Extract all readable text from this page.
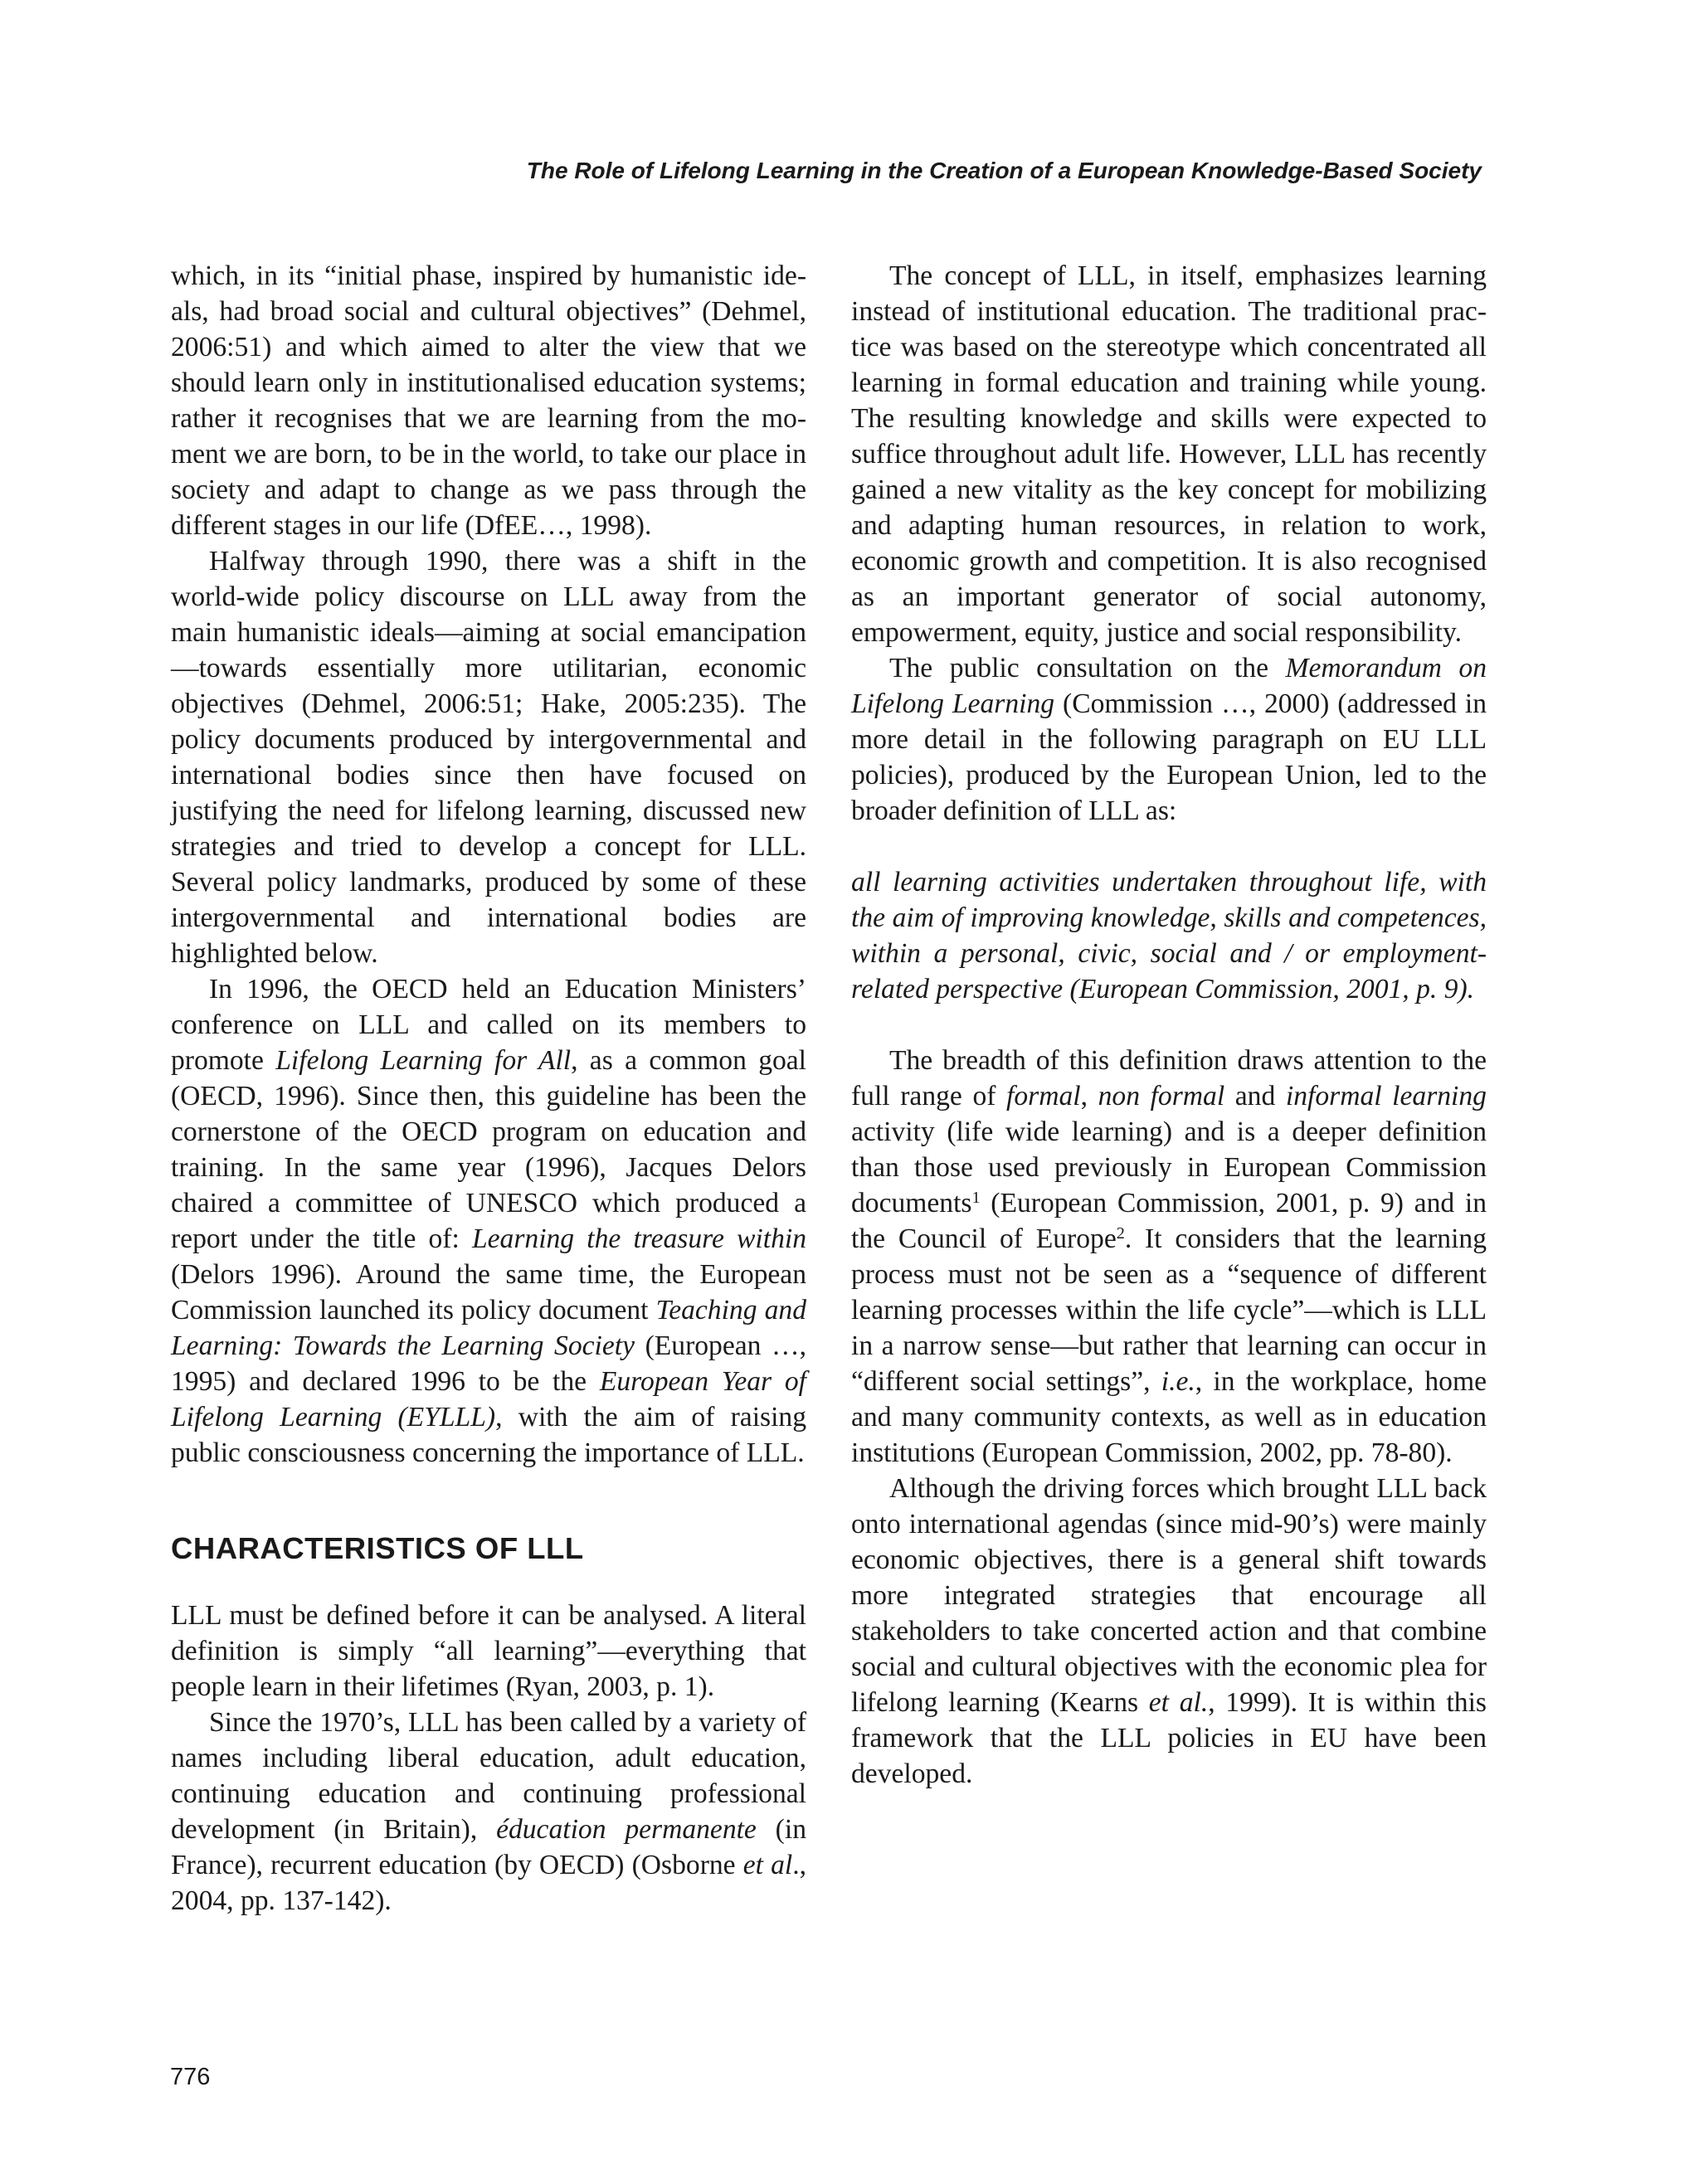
The Role of Lifelong Learning in the Creation of a European Knowledge-Based Society

which, in its “initial phase, inspired by humanistic ideals, had broad social and cultural objectives” (Dehmel, 2006:51) and which aimed to alter the view that we should learn only in institutionalised education systems; rather it recognises that we are learning from the moment we are born, to be in the world, to take our place in society and adapt to change as we pass through the different stages in our life (DfEE…, 1998).

Halfway through 1990, there was a shift in the world-wide policy discourse on LLL away from the main humanistic ideals—aiming at social emancipation—towards essentially more utilitarian, economic objectives (Dehmel, 2006:51; Hake, 2005:235). The policy documents produced by intergovernmental and international bodies since then have focused on justifying the need for lifelong learning, discussed new strategies and tried to develop a concept for LLL. Several policy landmarks, produced by some of these intergovernmental and international bodies are highlighted below.

In 1996, the OECD held an Education Ministers’ conference on LLL and called on its members to promote Lifelong Learning for All, as a common goal (OECD, 1996). Since then, this guideline has been the cornerstone of the OECD program on education and training. In the same year (1996), Jacques Delors chaired a committee of UNESCO which produced a report under the title of: Learning the treasure within (Delors 1996). Around the same time, the European Commission launched its policy document Teaching and Learning: Towards the Learning Society (European …, 1995) and declared 1996 to be the European Year of Lifelong Learning (EYLLL), with the aim of raising public consciousness concerning the importance of LLL.

CHARACTERISTICS OF LLL

LLL must be defined before it can be analysed. A literal definition is simply “all learning”—everything that people learn in their lifetimes (Ryan, 2003, p. 1).

Since the 1970’s, LLL has been called by a variety of names including liberal education, adult education, continuing education and continuing professional development (in Britain), éducation permanente (in France), recurrent education (by OECD) (Osborne et al., 2004, pp. 137-142).

The concept of LLL, in itself, emphasizes learning instead of institutional education. The traditional practice was based on the stereotype which concentrated all learning in formal education and training while young. The resulting knowledge and skills were expected to suffice throughout adult life. However, LLL has recently gained a new vitality as the key concept for mobilizing and adapting human resources, in relation to work, economic growth and competition. It is also recognised as an important generator of social autonomy, empowerment, equity, justice and social responsibility.

The public consultation on the Memorandum on Lifelong Learning (Commission …, 2000) (addressed in more detail in the following paragraph on EU LLL policies), produced by the European Union, led to the broader definition of LLL as:

all learning activities undertaken throughout life, with the aim of improving knowledge, skills and competences, within a personal, civic, social and / or employment-related perspective (European Commission, 2001, p. 9).

The breadth of this definition draws attention to the full range of formal, non formal and informal learning activity (life wide learning) and is a deeper definition than those used previously in European Commission documents$^1$ (European Commission, 2001, p. 9) and in the Council of Europe$^2$. It considers that the learning process must not be seen as a “sequence of different learning processes within the life cycle”—which is LLL in a narrow sense—but rather that learning can occur in “different social settings”, i.e., in the workplace, home and many community contexts, as well as in education institutions (European Commission, 2002, pp. 78-80).

Although the driving forces which brought LLL back onto international agendas (since mid-90’s) were mainly economic objectives, there is a general shift towards more integrated strategies that encourage all stakeholders to take concerted action and that combine social and cultural objectives with the economic plea for lifelong learning (Kearns et al., 1999). It is within this framework that the LLL policies in EU have been developed.

776
